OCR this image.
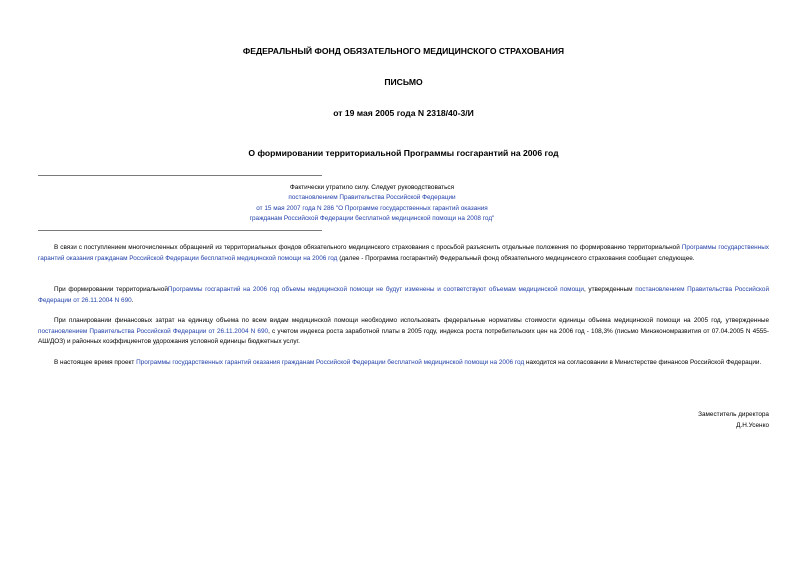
ФЕДЕРАЛЬНЫЙ ФОНД ОБЯЗАТЕЛЬНОГО МЕДИЦИНСКОГО СТРАХОВАНИЯ
ПИСЬМО
от 19 мая 2005 года N 2318/40-3/И
О формировании территориальной Программы госгарантий на 2006 год
Фактически утратило силу. Следует руководствоваться
постановлением Правительства Российской Федерации
от 15 мая 2007 года N 286 "О Программе государственных гарантий оказания
гражданам Российской Федерации бесплатной медицинской помощи на 2008 год"

В связи с поступлением многочисленных обращений из территориальных фондов обязательного медицинского страхования с просьбой разъяснить отдельные положения по формированию территориальной Программы государственных гарантий оказания гражданам Российской Федерации бесплатной медицинской помощи на 2006 год (далее - Программа госгарантий) Федеральный фонд обязательного медицинского страхования сообщает следующее.

При формировании территориальнойПрограммы госгарантий на 2006 год объемы медицинской помощи не будут изменены и соответствуют объемам медицинской помощи, утвержденным постановлением Правительства Российской Федерации от 26.11.2004 N 690.

При планировании финансовых затрат на единицу объема по всем видам медицинской помощи необходимо использовать федеральные нормативы стоимости единицы объема медицинской помощи на 2005 год, утвержденные постановлением Правительства Российской Федерации от 26.11.2004 N 690, с учетом индекса роста заработной платы в 2005 году, индекса роста потребительских цен на 2006 год - 108,3% (письмо Минэкономразвития от 07.04.2005 N 4555-АШ/ДОЗ) и районных коэффициентов удорожания условной единицы бюджетных услуг.

В настоящее время проект Программы государственных гарантий оказания гражданам Российской Федерации бесплатной медицинской помощи на 2006 год находится на согласовании в Министерстве финансов Российской Федерации.

Заместитель директора
Д.Н.Усенко
